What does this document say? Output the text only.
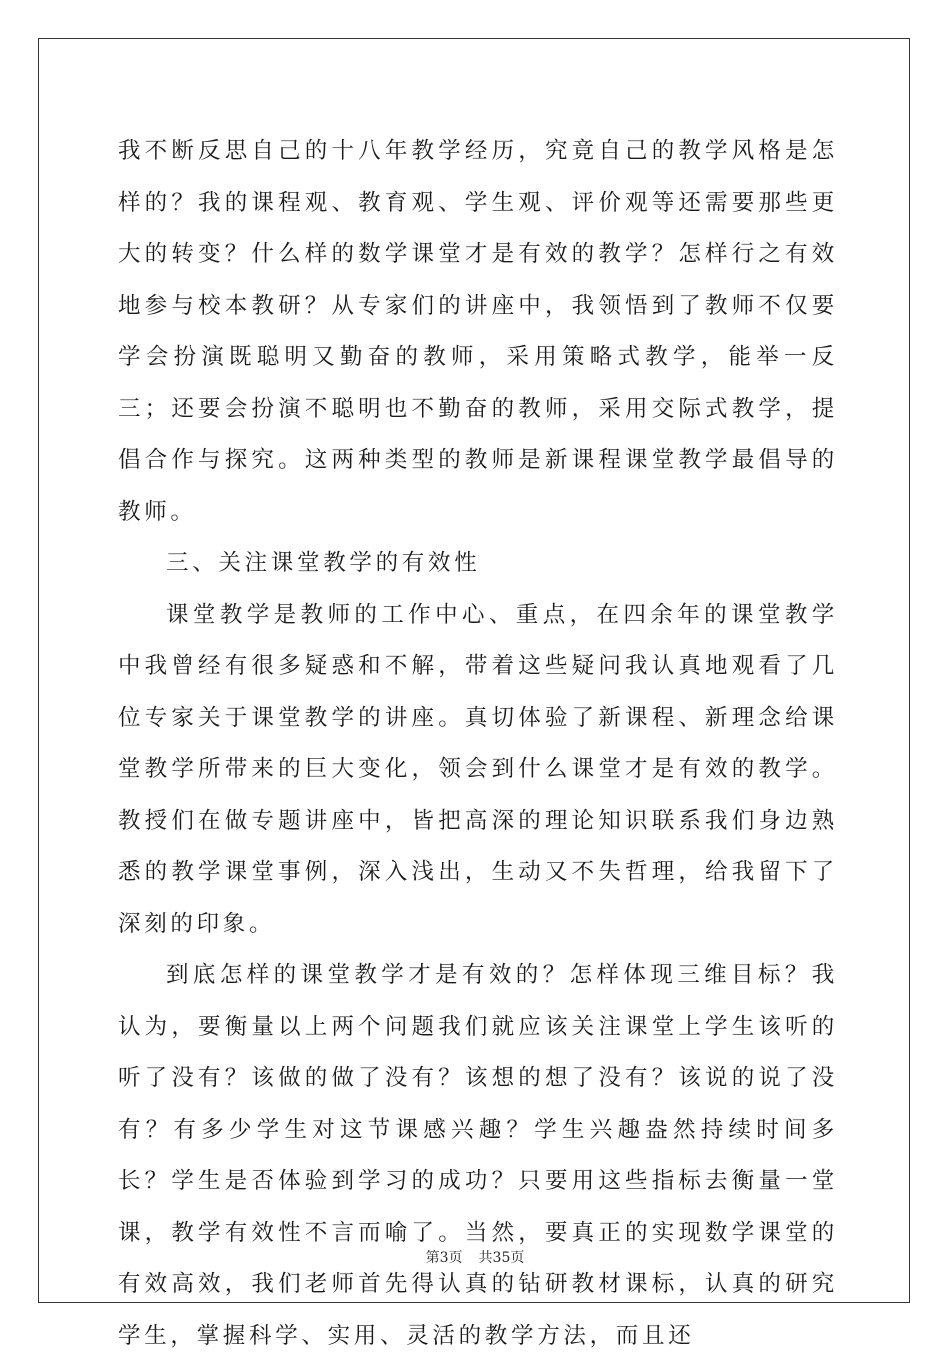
我不断反思自己的十八年教学经历，究竟自己的教学风格是怎样的？我的课程观、教育观、学生观、评价观等还需要那些更大的转变？什么样的数学课堂才是有效的教学？怎样行之有效地参与校本教研？从专家们的讲座中，我领悟到了教师不仅要学会扮演既聪明又勤奋的教师，采用策略式教学，能举一反三；还要会扮演不聪明也不勤奋的教师，采用交际式教学，提倡合作与探究。这两种类型的教师是新课程课堂教学最倡导的教师。

三、关注课堂教学的有效性

课堂教学是教师的工作中心、重点，在四余年的课堂教学中我曾经有很多疑惑和不解，带着这些疑问我认真地观看了几位专家关于课堂教学的讲座。真切体验了新课程、新理念给课堂教学所带来的巨大变化，领会到什么课堂才是有效的教学。教授们在做专题讲座中，皆把高深的理论知识联系我们身边熟悉的教学课堂事例，深入浅出，生动又不失哲理，给我留下了深刻的印象。

到底怎样的课堂教学才是有效的？怎样体现三维目标？我认为，要衡量以上两个问题我们就应该关注课堂上学生该听的听了没有？该做的做了没有？该想的想了没有？该说的说了没有？有多少学生对这节课感兴趣？学生兴趣盎然持续时间多长？学生是否体验到学习的成功？只要用这些指标去衡量一堂课，教学有效性不言而喻了。当然，要真正的实现数学课堂的有效高效，我们老师首先得认真的钻研教材课标，认真的研究学生，掌握科学、实用、灵活的教学方法，而且还

第3页 共35页
